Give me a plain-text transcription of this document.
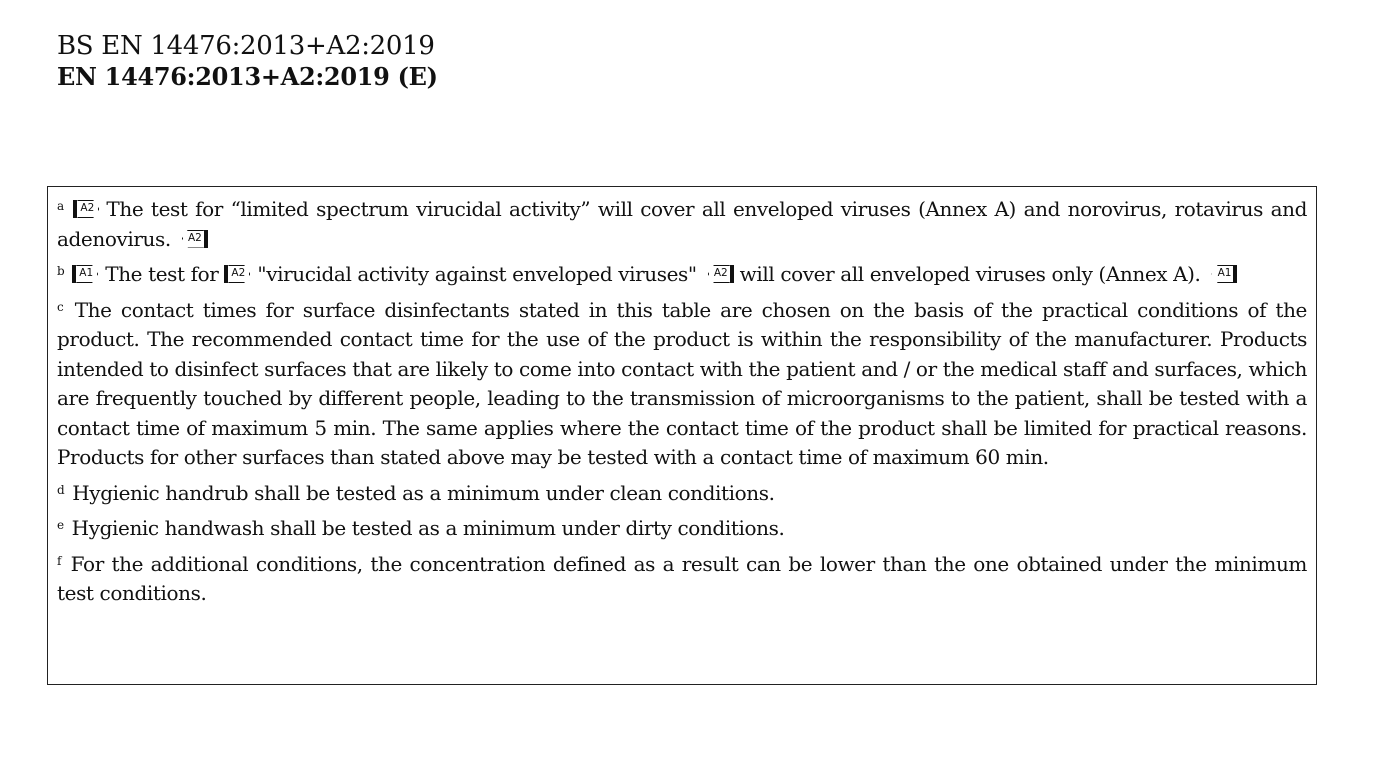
BS EN 14476:2013+A2:2019
EN 14476:2013+A2:2019 (E)

$^a$ A2 The test for “limited spectrum virucidal activity” will cover all enveloped viruses (Annex A) and norovirus, rotavirus and adenovirus. A2

$^b$ A1 The test for A2 "virucidal activity against enveloped viruses" A2 will cover all enveloped viruses only (Annex A). A1

$^c$ The contact times for surface disinfectants stated in this table are chosen on the basis of the practical conditions of the product. The recommended contact time for the use of the product is within the responsibility of the manufacturer. Products intended to disinfect surfaces that are likely to come into contact with the patient and / or the medical staff and surfaces, which are frequently touched by different people, leading to the transmission of microorganisms to the patient, shall be tested with a contact time of maximum 5 min. The same applies where the contact time of the product shall be limited for practical reasons. Products for other surfaces than stated above may be tested with a contact time of maximum 60 min.

$^d$ Hygienic handrub shall be tested as a minimum under clean conditions.

$^e$ Hygienic handwash shall be tested as a minimum under dirty conditions.

$^f$ For the additional conditions, the concentration defined as a result can be lower than the one obtained under the minimum test conditions.
